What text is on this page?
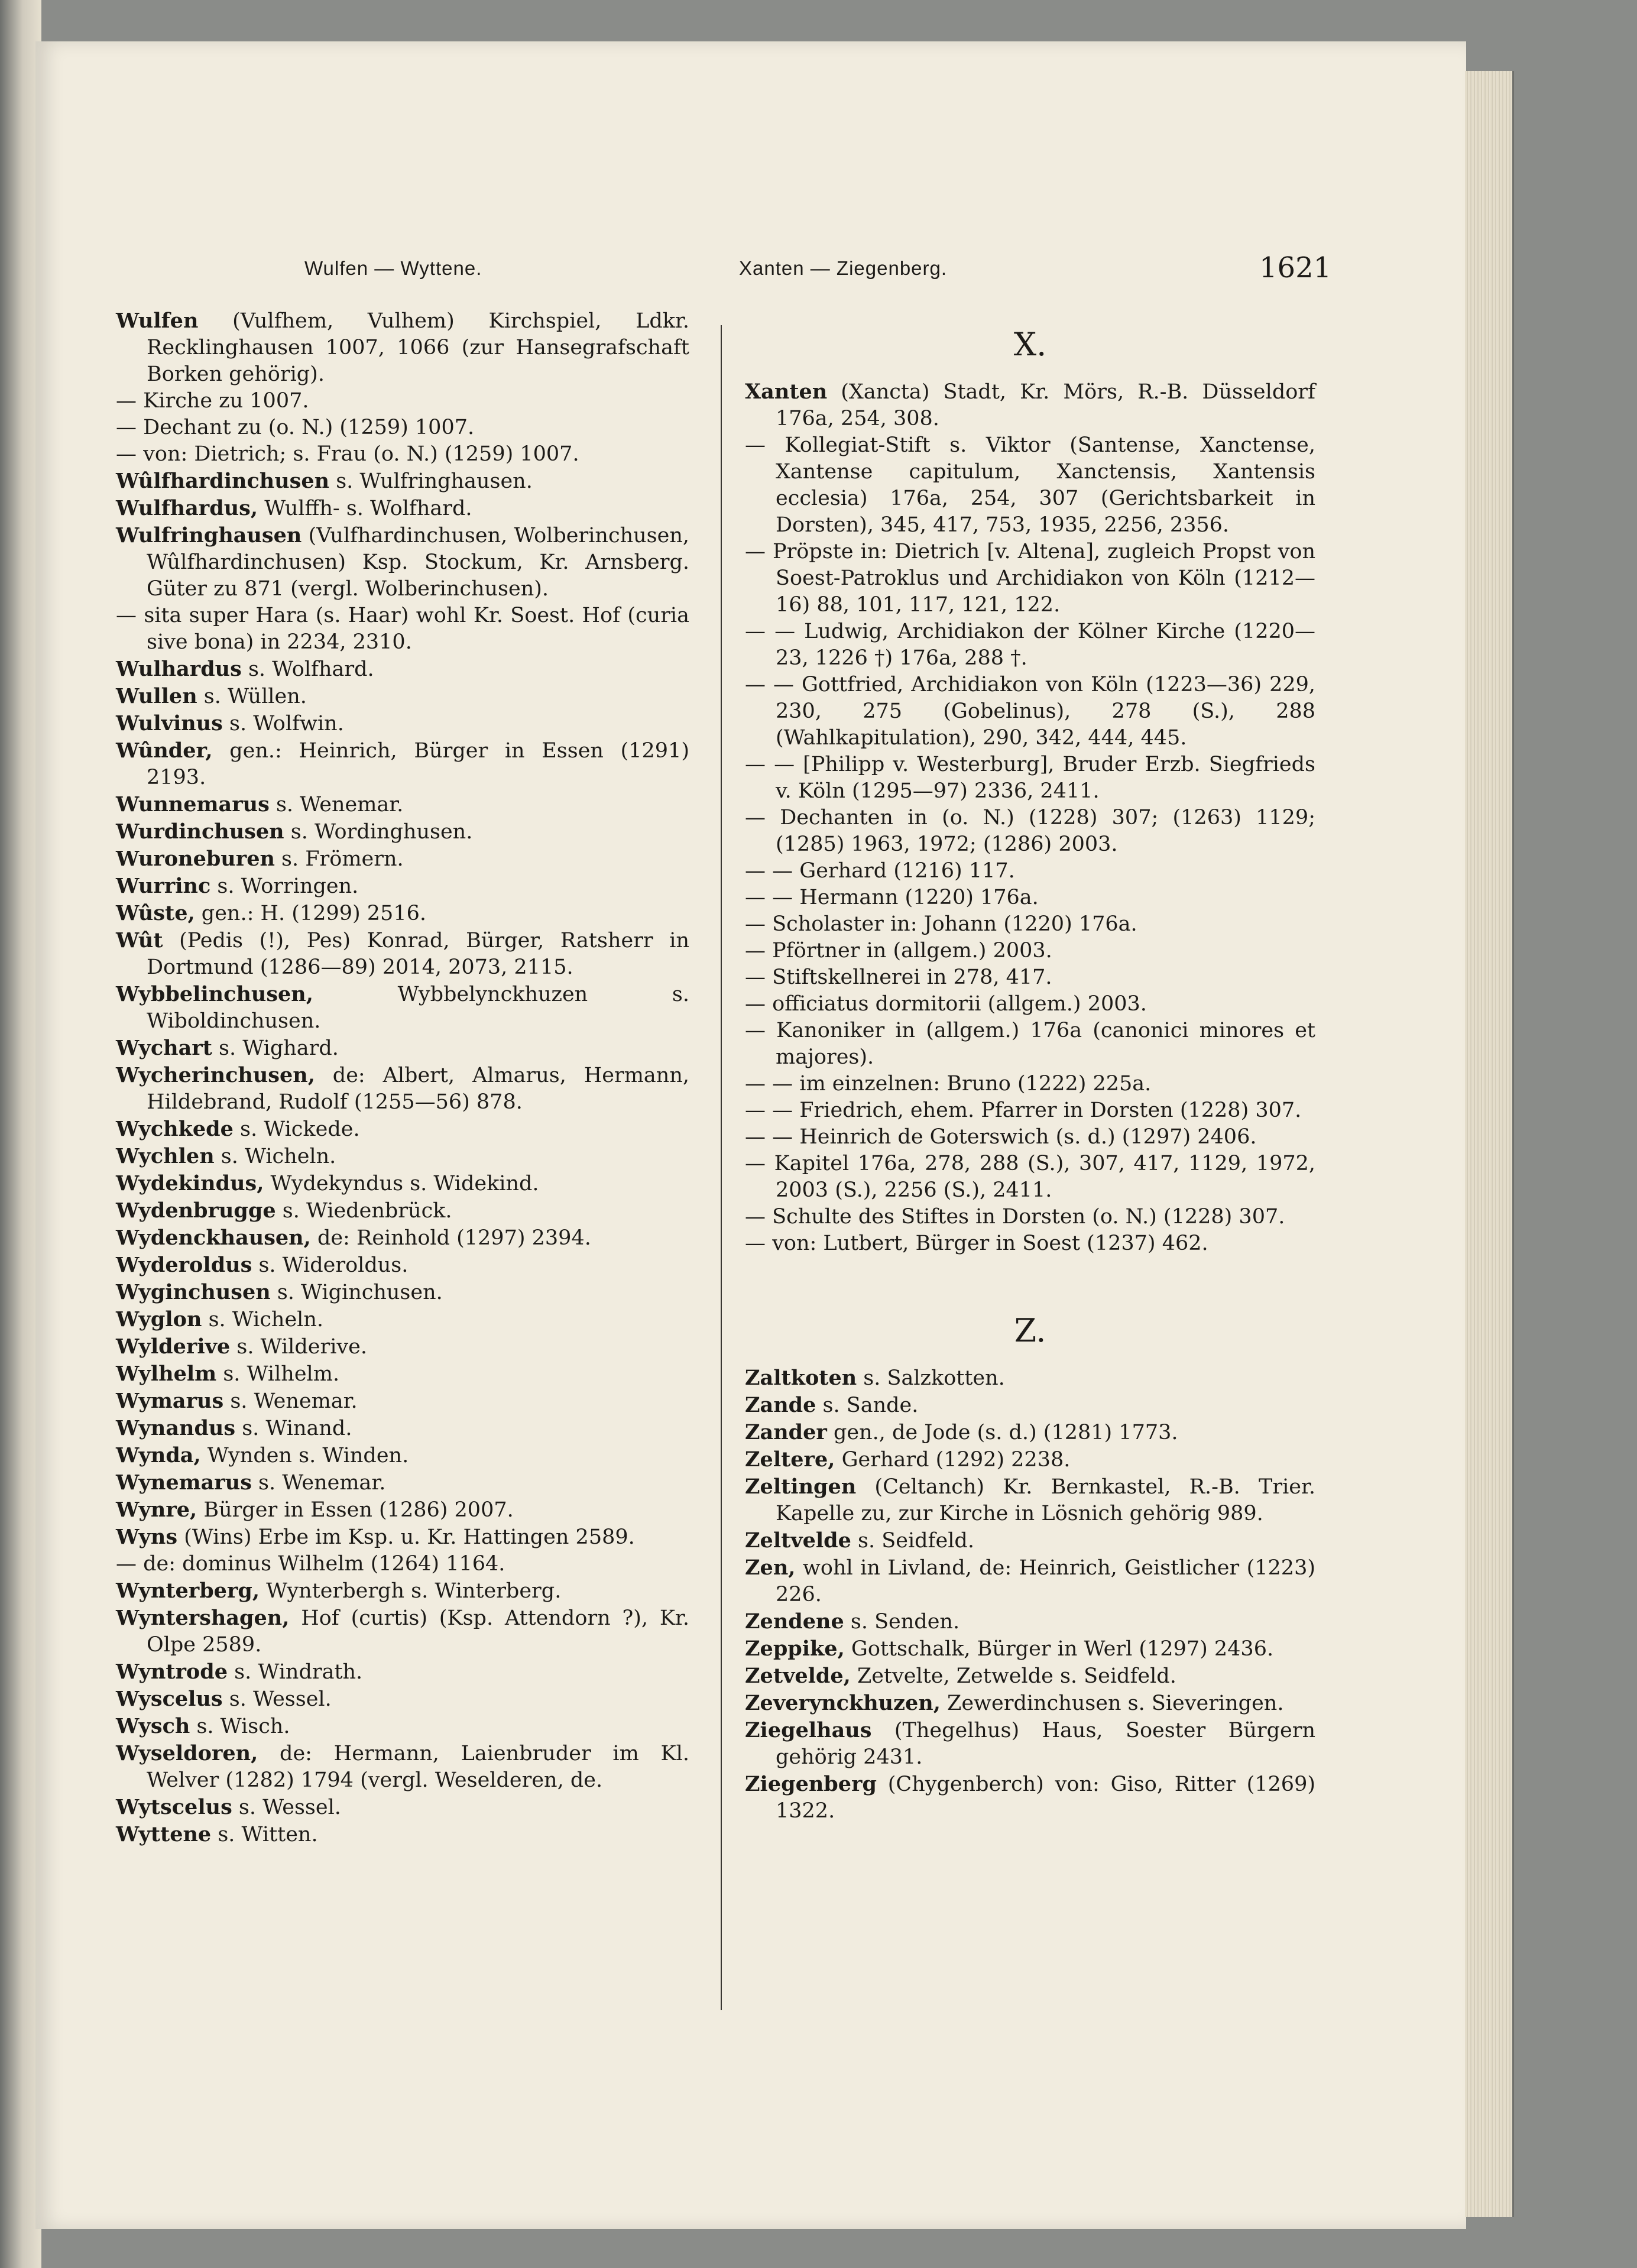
Wulfen — Wyttene.	Xanten — Ziegenberg.	1621
Wulfen (Vulfhem, Vulhem) Kirchspiel, Ldkr. Recklinghausen 1007, 1066 (zur Hansegrafschaft Borken gehörig).
— Kirche zu 1007.
— Dechant zu (o. N.) (1259) 1007.
— von: Dietrich; s. Frau (o. N.) (1259) 1007.
Wûlfhardinchusen s. Wulfringhausen.
Wulfhardus, Wulffh- s. Wolfhard.
Wulfringhausen (Vulfhardinchusen, Wolberinchusen, Wûlfhardinchusen) Ksp. Stockum, Kr. Arnsberg. Güter zu 871 (vergl. Wolberinchusen).
— sita super Hara (s. Haar) wohl Kr. Soest. Hof (curia sive bona) in 2234, 2310.
Wulhardus s. Wolfhard.
Wullen s. Wüllen.
Wulvinus s. Wolfwin.
Wûnder, gen.: Heinrich, Bürger in Essen (1291) 2193.
Wunnemarus s. Wenemar.
Wurdinchusen s. Wordinghusen.
Wuroneburen s. Frömern.
Wurrinc s. Worringen.
Wûste, gen.: H. (1299) 2516.
Wût (Pedis (!), Pes) Konrad, Bürger, Ratsherr in Dortmund (1286—89) 2014, 2073, 2115.
Wybbelinchusen, Wybbelynckhuzen s. Wiboldinchusen.
Wychart s. Wighard.
Wycherinchusen, de: Albert, Almarus, Hermann, Hildebrand, Rudolf (1255—56) 878.
Wychkede s. Wickede.
Wychlen s. Wicheln.
Wydekindus, Wydekyndus s. Widekind.
Wydenbrugge s. Wiedenbrück.
Wydenckhausen, de: Reinhold (1297) 2394.
Wyderoldus s. Wideroldus.
Wyginchusen s. Wiginchusen.
Wyglon s. Wicheln.
Wylderive s. Wilderive.
Wylhelm s. Wilhelm.
Wymarus s. Wenemar.
Wynandus s. Winand.
Wynda, Wynden s. Winden.
Wynemarus s. Wenemar.
Wynre, Bürger in Essen (1286) 2007.
Wyns (Wins) Erbe im Ksp. u. Kr. Hattingen 2589.
— de: dominus Wilhelm (1264) 1164.
Wynterberg, Wynterbergh s. Winterberg.
Wyntershagen, Hof (curtis) (Ksp. Attendorn ?), Kr. Olpe 2589.
Wyntrode s. Windrath.
Wyscelus s. Wessel.
Wysch s. Wisch.
Wyseldoren, de: Hermann, Laienbruder im Kl. Welver (1282) 1794 (vergl. Weselderen, de.
Wytscelus s. Wessel.
Wyttene s. Witten.
X.
Xanten (Xancta) Stadt, Kr. Mörs, R.-B. Düsseldorf 176a, 254, 308.
— Kollegiat-Stift s. Viktor (Santense, Xanctense, Xantense capitulum, Xanctensis, Xantensis ecclesia) 176a, 254, 307 (Gerichtsbarkeit in Dorsten), 345, 417, 753, 1935, 2256, 2356.
— Pröpste in: Dietrich [v. Altena], zugleich Propst von Soest-Patroklus und Archidiakon von Köln (1212—16) 88, 101, 117, 121, 122.
— — Ludwig, Archidiakon der Kölner Kirche (1220—23, 1226 †) 176a, 288 †.
— — Gottfried, Archidiakon von Köln (1223—36) 229, 230, 275 (Gobelinus), 278 (S.), 288 (Wahlkapitulation), 290, 342, 444, 445.
— — [Philipp v. Westerburg], Bruder Erzb. Siegfrieds v. Köln (1295—97) 2336, 2411.
— Dechanten in (o. N.) (1228) 307; (1263) 1129; (1285) 1963, 1972; (1286) 2003.
— — Gerhard (1216) 117.
— — Hermann (1220) 176a.
— Scholaster in: Johann (1220) 176a.
— Pförtner in (allgem.) 2003.
— Stiftskellnerei in 278, 417.
— officiatus dormitorii (allgem.) 2003.
— Kanoniker in (allgem.) 176a (canonici minores et majores).
— — im einzelnen: Bruno (1222) 225a.
— — Friedrich, ehem. Pfarrer in Dorsten (1228) 307.
— — Heinrich de Goterswich (s. d.) (1297) 2406.
— Kapitel 176a, 278, 288 (S.), 307, 417, 1129, 1972, 2003 (S.), 2256 (S.), 2411.
— Schulte des Stiftes in Dorsten (o. N.) (1228) 307.
— von: Lutbert, Bürger in Soest (1237) 462.
Z.
Zaltkoten s. Salzkotten.
Zande s. Sande.
Zander gen., de Jode (s. d.) (1281) 1773.
Zeltere, Gerhard (1292) 2238.
Zeltingen (Celtanch) Kr. Bernkastel, R.-B. Trier. Kapelle zu, zur Kirche in Lösnich gehörig 989.
Zeltvelde s. Seidfeld.
Zen, wohl in Livland, de: Heinrich, Geistlicher (1223) 226.
Zendene s. Senden.
Zeppike, Gottschalk, Bürger in Werl (1297) 2436.
Zetvelde, Zetvelte, Zetwelde s. Seidfeld.
Zeverynckhuzen, Zewerdinchusen s. Sieveringen.
Ziegelhaus (Thegelhus) Haus, Soester Bürgern gehörig 2431.
Ziegenberg (Chygenberch) von: Giso, Ritter (1269) 1322.
